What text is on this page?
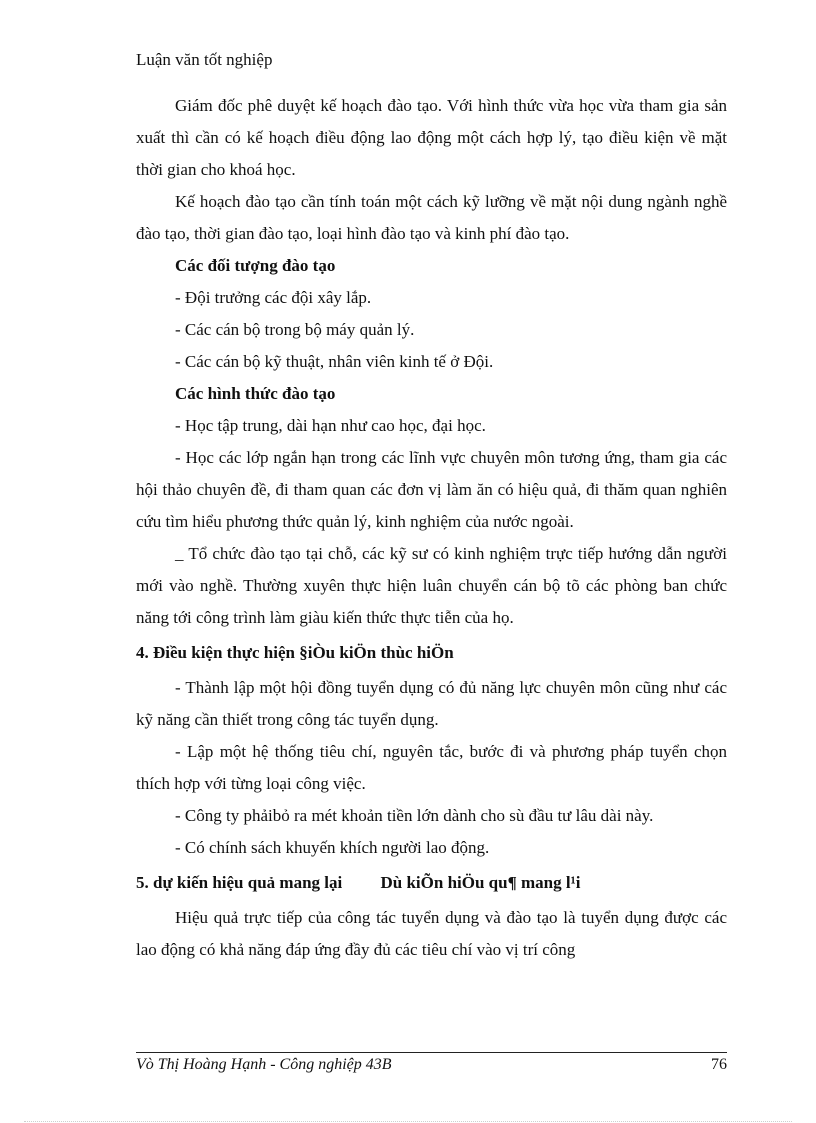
Luận văn tốt nghiệp

Giám đốc phê duyệt kế hoạch đào tạo. Với hình thức vừa học vừa tham gia sản xuất thì cần có kế hoạch điều động lao động một cách hợp lý, tạo điều kiện về mặt thời gian cho khoá học.

Kế hoạch đào tạo cần tính toán một cách kỹ lưỡng về mặt nội dung ngành nghề đào tạo, thời gian đào tạo, loại hình đào tạo và kinh phí đào tạo.

Các đối tượng đào tạo

- Đội trưởng các đội xây lắp.

- Các cán bộ trong bộ máy quản lý.

- Các cán bộ kỹ thuật, nhân viên kinh tế ở Đội.

Các hình thức đào tạo

- Học tập trung, dài hạn như cao học, đại học.

- Học các lớp ngắn hạn trong các lĩnh vực chuyên môn tương ứng, tham gia các hội thảo chuyên đề, đi tham quan các đơn vị làm ăn có hiệu quả, đi thăm quan nghiên cứu tìm hiểu phương thức quản lý, kinh nghiệm của nước ngoài.

_ Tổ chức đào tạo tại chỗ, các kỹ sư có kinh nghiệm trực tiếp hướng dẫn người mới vào nghề. Thường xuyên thực hiện luân chuyển cán bộ tõ các phòng ban chức năng tới công trình làm giàu kiến thức thực tiễn của họ.

4. Điều kiện thực hiện §iÒu kiÖn thùc hiÖn

- Thành lập một hội đồng tuyển dụng có đủ năng lực chuyên môn cũng như các kỹ năng cần thiết trong công tác tuyển dụng.

- Lập một hệ thống tiêu chí, nguyên tắc, bước đi và phương pháp tuyển chọn thích hợp với từng loại công việc.

- Công ty phảibỏ ra mét khoản tiền lớn dành cho sù đầu tư lâu dài này.

- Có chính sách khuyến khích người lao động.

5. dự kiến hiệu quả mang lại         Dù kiÕn hiÖu qu¶ mang l¹i

Hiệu quả trực tiếp của công tác tuyển dụng và đào tạo là tuyển dụng được các lao động có khả năng đáp ứng đầy đủ các tiêu chí vào vị trí công

Vò Thị Hoàng Hạnh - Công nghiệp 43B	76
